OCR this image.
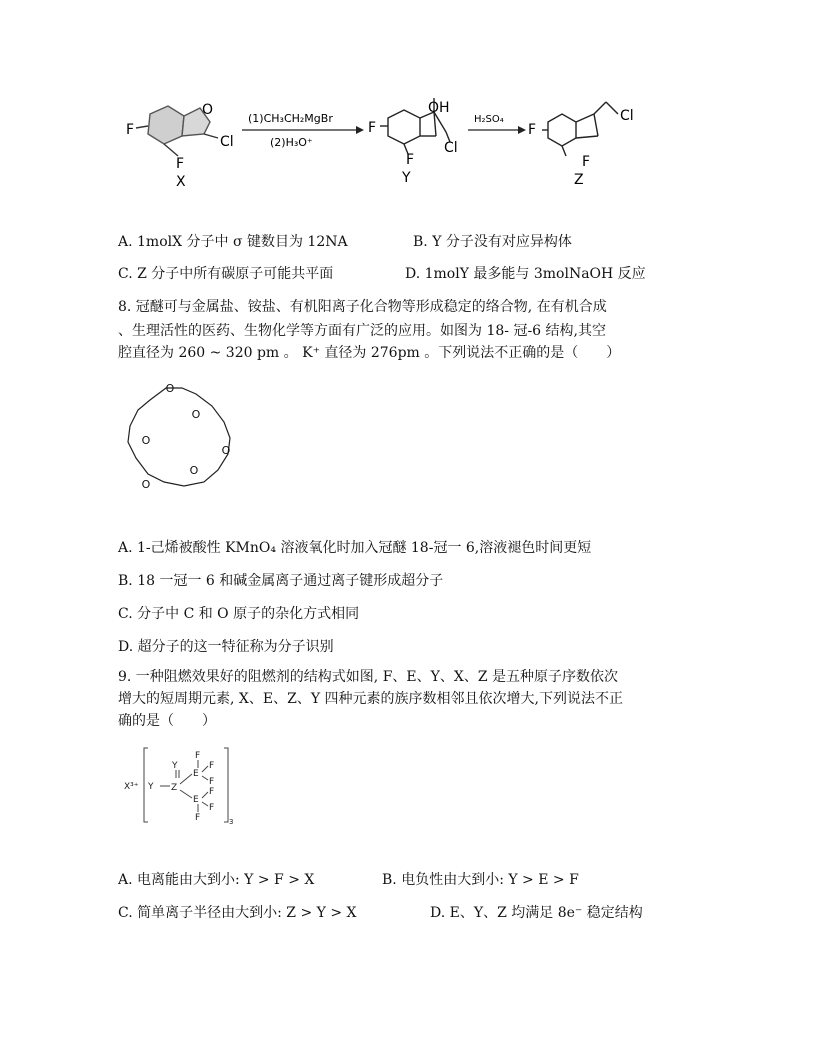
F
O
Cl
F
X
(1)CH₃CH₂MgBr
(2)H₃O⁺
F
OH
Cl
F
Y
H₂SO₄
F
Cl
F
Z
A. 1molX 分子中 σ 键数目为 12NA	B. Y 分子没有对应异构体
C. Z 分子中所有碳原子可能共平面	D. 1molY 最多能与 3molNaOH 反应
8. 冠醚可与金属盐、铵盐、有机阳离子化合物等形成稳定的络合物, 在有机合成
、生理活性的医药、生物化学等方面有广泛的应用。如图为 18- 冠-6 结构,其空
腔直径为 260 ~ 320 pm 。 K⁺ 直径为 276pm 。下列说法不正确的是（　　）
O
O
O
O
O
O
A. 1-己烯被酸性 KMnO₄ 溶液氧化时加入冠醚 18-冠一 6,溶液褪色时间更短
B. 18 一冠一 6 和碱金属离子通过离子键形成超分子
C. 分子中 C 和 O 原子的杂化方式相同
D. 超分子的这一特征称为分子识别
9. 一种阻燃效果好的阻燃剂的结构式如图, F、E、Y、X、Z 是五种原子序数依次
增大的短周期元素, X、E、Z、Y 四种元素的族序数相邻且依次增大,下列说法不正
确的是（　　）
X³⁺ Y
Y
Z
E
E
F
F
F
F
F
F	3
A. 电离能由大到小: Y > F > X	B. 电负性由大到小: Y > E > F
C. 简单离子半径由大到小: Z > Y > X	D. E、Y、Z 均满足 8e⁻ 稳定结构
